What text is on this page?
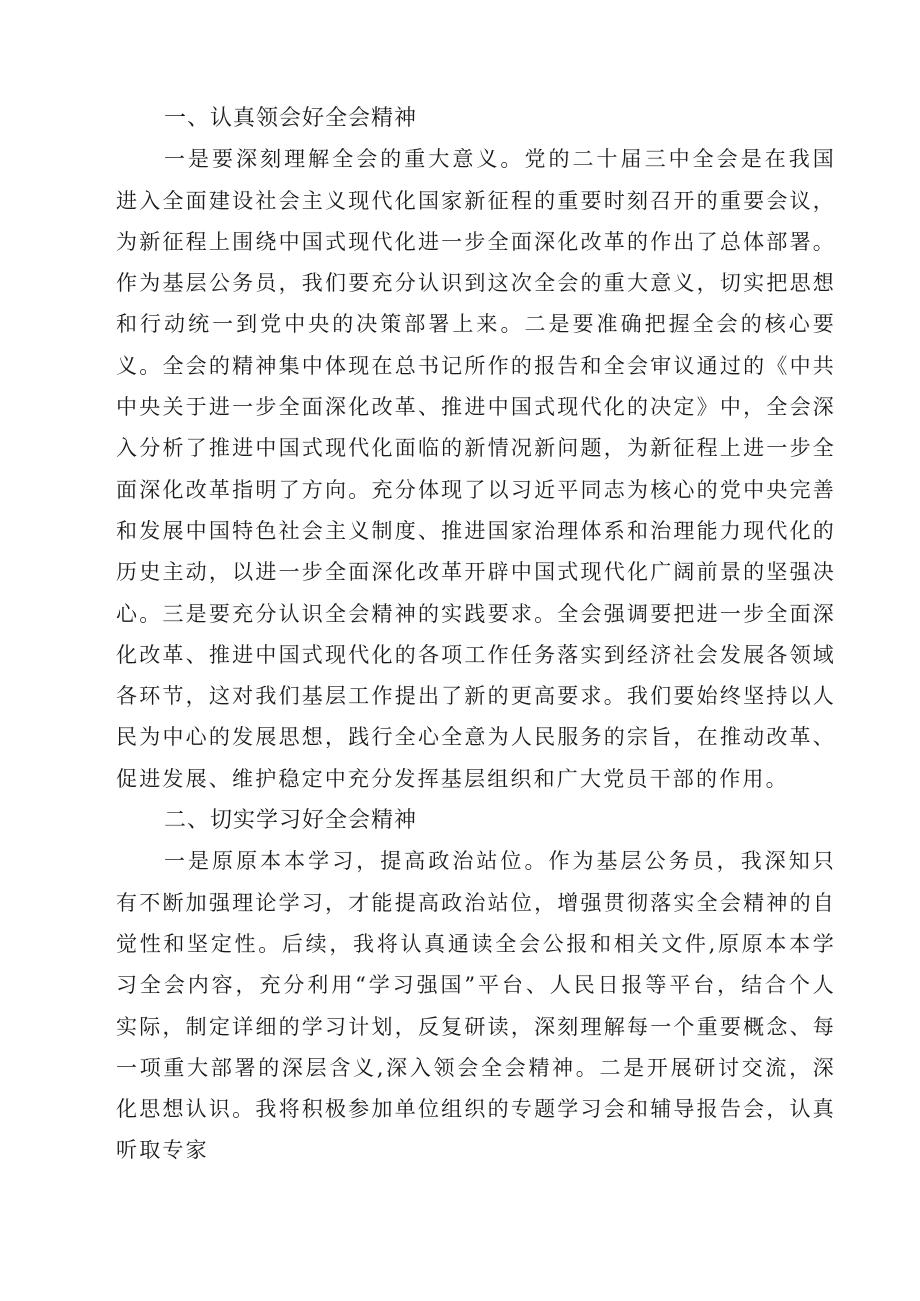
一、认真领会好全会精神

一是要深刻理解全会的重大意义。党的二十届三中全会是在我国进入全面建设社会主义现代化国家新征程的重要时刻召开的重要会议，为新征程上围绕中国式现代化进一步全面深化改革的作出了总体部署。作为基层公务员，我们要充分认识到这次全会的重大意义，切实把思想和行动统一到党中央的决策部署上来。二是要准确把握全会的核心要义。全会的精神集中体现在总书记所作的报告和全会审议通过的《中共中央关于进一步全面深化改革、推进中国式现代化的决定》中，全会深入分析了推进中国式现代化面临的新情况新问题，为新征程上进一步全面深化改革指明了方向。充分体现了以习近平同志为核心的党中央完善和发展中国特色社会主义制度、推进国家治理体系和治理能力现代化的历史主动，以进一步全面深化改革开辟中国式现代化广阔前景的坚强决心。三是要充分认识全会精神的实践要求。全会强调要把进一步全面深化改革、推进中国式现代化的各项工作任务落实到经济社会发展各领域各环节，这对我们基层工作提出了新的更高要求。我们要始终坚持以人民为中心的发展思想，践行全心全意为人民服务的宗旨，在推动改革、促进发展、维护稳定中充分发挥基层组织和广大党员干部的作用。

二、切实学习好全会精神

一是原原本本学习，提高政治站位。作为基层公务员，我深知只有不断加强理论学习，才能提高政治站位，增强贯彻落实全会精神的自觉性和坚定性。后续，我将认真通读全会公报和相关文件,原原本本学习全会内容，充分利用“学习强国”平台、人民日报等平台，结合个人实际，制定详细的学习计划，反复研读，深刻理解每一个重要概念、每一项重大部署的深层含义,深入领会全会精神。二是开展研讨交流，深化思想认识。我将积极参加单位组织的专题学习会和辅导报告会，认真听取专家
